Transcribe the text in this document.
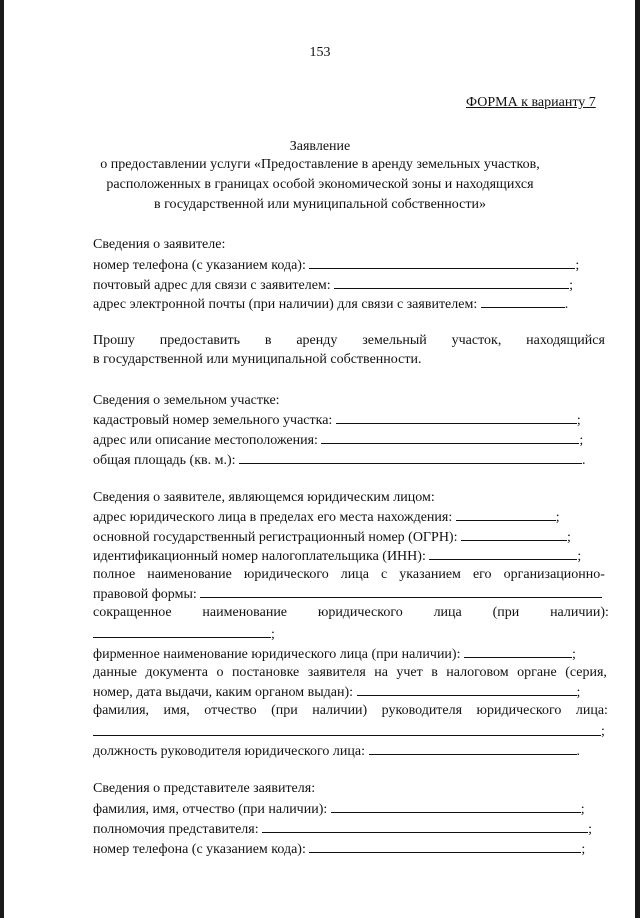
153
ФОРМА к варианту 7
Заявление
о предоставлении услуги «Предоставление в аренду земельных участков,
расположенных в границах особой экономической зоны и находящихся
в государственной или муниципальной собственности»
Сведения о заявителе:
номер телефона (с указанием кода):	;
почтовый адрес для связи с заявителем:	;
адрес электронной почты (при наличии) для связи с заявителем:	.
Прошу предоставить в аренду земельный участок, находящийся
в государственной или муниципальной собственности.
Сведения о земельном участке:
кадастровый номер земельного участка:	;
адрес или описание местоположения:	;
общая площадь (кв. м.):	.
Сведения о заявителе, являющемся юридическим лицом:
адрес юридического лица в пределах его места нахождения:	;
основной государственный регистрационный номер (ОГРН):	;
идентификационный номер налогоплательщика (ИНН):	;
полное наименование юридического лица с указанием его организационно-
правовой формы:
сокращенное наименование юридического лица (при наличии):
;
фирменное наименование юридического лица (при наличии):	;
данные документа о постановке заявителя на учет в налоговом органе (серия,
номер, дата выдачи, каким органом выдан):	;
фамилия, имя, отчество (при наличии) руководителя юридического лица:
;
должность руководителя юридического лица:	.
Сведения о представителе заявителя:
фамилия, имя, отчество (при наличии):	;
полномочия представителя:	;
номер телефона (с указанием кода):	;
